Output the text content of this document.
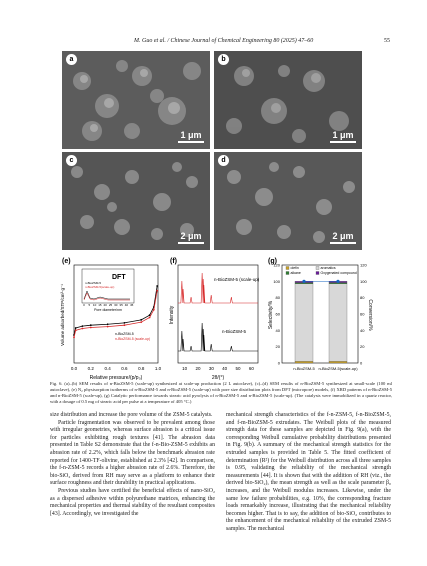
M. Guo et al. / Chinese Journal of Chemical Engineering 80 (2025) 47–60	55
a
1 μm
b
1 μm
c
2 μm
d
2 μm
(e)
Volume adsorbed/STP/cm³·g⁻¹
Relative pressure/(p/p₀)
0.0 0.2 0.4 0.6 0.8 1.0
DFT
n-BioZSM-5
n-BioZSM-5(scale-up)
0 5 10 15 20 25 30 35 40 45
Pore diameter/nm
n-BioZSM-5
n-BioZSM-5 (scale-up)
(f)
Intensity
2θ/(°)
10 20 30 40 50 60
n-BioZSM-5 (scale-up)
n-BioZSM-5
(g)
Selectivity/%	Conversion/%
0	0
20	20
40	40
60	60
80	80
100	100
120	120
olefin	aromatics
alkane	Oxygenated compound
n-BioZSM-5 n-BioZSM-5(scale-up)
Fig. 6. (a)–(b) SEM results of n-BioZSM-5 (scale-up) synthesized at scale-up production (2 L autoclave), (c)–(d) SEM results of n-BioZSM-5 synthesized at small-scale (100 ml autoclave), (e) N₂ physisorption isotherms of n-BioZSM-5 and n-BioZSM-5 (scale-up) with pore size distribution plots from DFT (micropore) models, (f) XRD patterns of n-BioZSM-5 and n-BioZSM-5 (scale-up), (g) Catalytic performance towards stearic acid pyrolysis of n-BioZSM-5 and n-BioZSM-5 (scale-up). (The catalysts were immobilized in a quartz reactor, with a dosage of 0.5 mg of stearic acid per pulse at a temperature of 405 °C.)

size distribution and increase the pore volume of the ZSM-5 catalysts.

Particle fragmentation was observed to be prevalent among those with irregular geometries, whereas surface abrasion is a critical issue for particles exhibiting rough textures [41]. The abrasion data presented in Table S2 demonstrate that the f-n-Bio-ZSM-5 exhibits an abrasion rate of 2.2%, which falls below the benchmark abrasion rate reported for 1400-TF-olivine, established at 2.3% [42]. In comparison, the f-n-ZSM-5 records a higher abrasion rate of 2.6%. Therefore, the bio-SiO₂ derived from RH may serve as a platform to enhance their surface roughness and their durability in practical applications.

Previous studies have certified the beneficial effects of nano-SiO₂ as a dispersed adhesive within polyurethane matrices, enhancing the mechanical properties and thermal stability of the resultant composites [43]. Accordingly, we investigated the

mechanical strength characteristics of the f-n-ZSM-5, f-n-BioZSM-5, and f-m-BioZSM-5 extrudates. The Weibull plots of the measured strength data for these samples are depicted in Fig. 9(a), with the corresponding Weibull cumulative probability distributions presented in Fig. 9(b). A summary of the mechanical strength statistics for the extruded samples is provided in Table 5. The fitted coefficient of determination (R²) for the Weibull distribution across all three samples is 0.95, validating the reliability of the mechanical strength measurements [44]. It is shown that with the addition of RH (viz., the derived bio-SiO₂), the mean strength as well as the scale parameter β₀ increases, and the Weibull modulus increases. Likewise, under the same low failure probabilities, e.g. 10%, the corresponding fracture loads remarkably increase, illustrating that the mechanical reliability becomes higher. That is to say, the addition of bio-SiO₂ contributes to the enhancement of the mechanical reliability of the extruded ZSM-5 samples. The mechanical
